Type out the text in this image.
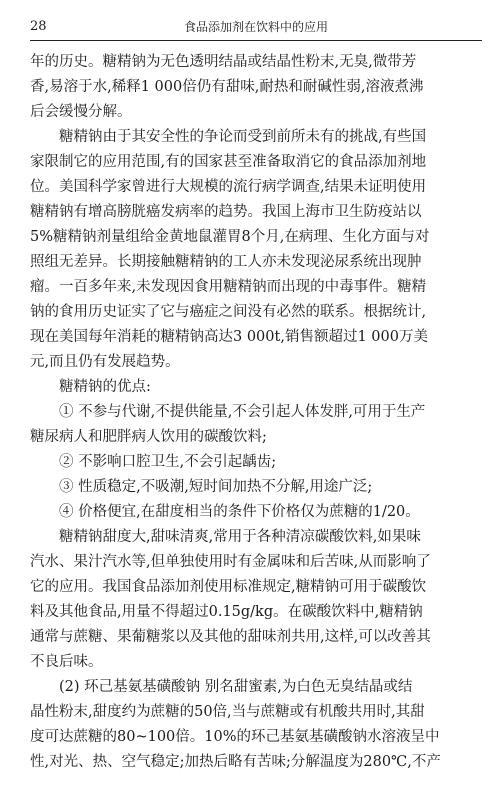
28	食品添加剂在饮料中的应用
年的历史。糖精钠为无色透明结晶或结晶性粉末,无臭,微带芳
香,易溶于水,稀释1 000倍仍有甜味,耐热和耐碱性弱,溶液煮沸
后会缓慢分解。
糖精钠由于其安全性的争论而受到前所未有的挑战,有些国
家限制它的应用范围,有的国家甚至准备取消它的食品添加剂地
位。美国科学家曾进行大规模的流行病学调查,结果未证明使用
糖精钠有增高膀胱癌发病率的趋势。我国上海市卫生防疫站以
5%糖精钠剂量组给金黄地鼠灌胃8个月,在病理、生化方面与对
照组无差异。长期接触糖精钠的工人亦未发现泌尿系统出现肿
瘤。一百多年来,未发现因食用糖精钠而出现的中毒事件。糖精
钠的食用历史证实了它与癌症之间没有必然的联系。根据统计,
现在美国每年消耗的糖精钠高达3 000t,销售额超过1 000万美
元,而且仍有发展趋势。
糖精钠的优点:
① 不参与代谢,不提供能量,不会引起人体发胖,可用于生产
糖尿病人和肥胖病人饮用的碳酸饮料;
② 不影响口腔卫生,不会引起龋齿;
③ 性质稳定,不吸潮,短时间加热不分解,用途广泛;
④ 价格便宜,在甜度相当的条件下价格仅为蔗糖的1/20。
糖精钠甜度大,甜味清爽,常用于各种清凉碳酸饮料,如果味
汽水、果汁汽水等,但单独使用时有金属味和后苦味,从而影响了
它的应用。我国食品添加剂使用标准规定,糖精钠可用于碳酸饮
料及其他食品,用量不得超过0.15g/kg。在碳酸饮料中,糖精钠
通常与蔗糖、果葡糖浆以及其他的甜味剂共用,这样,可以改善其
不良后味。
(2) 环己基氨基磺酸钠 别名甜蜜素,为白色无臭结晶或结
晶性粉末,甜度约为蔗糖的50倍,当与蔗糖或有机酸共用时,其甜
度可达蔗糖的80~100倍。10%的环己基氨基磺酸钠水溶液呈中
性,对光、热、空气稳定;加热后略有苦味;分解温度为280℃,不产
